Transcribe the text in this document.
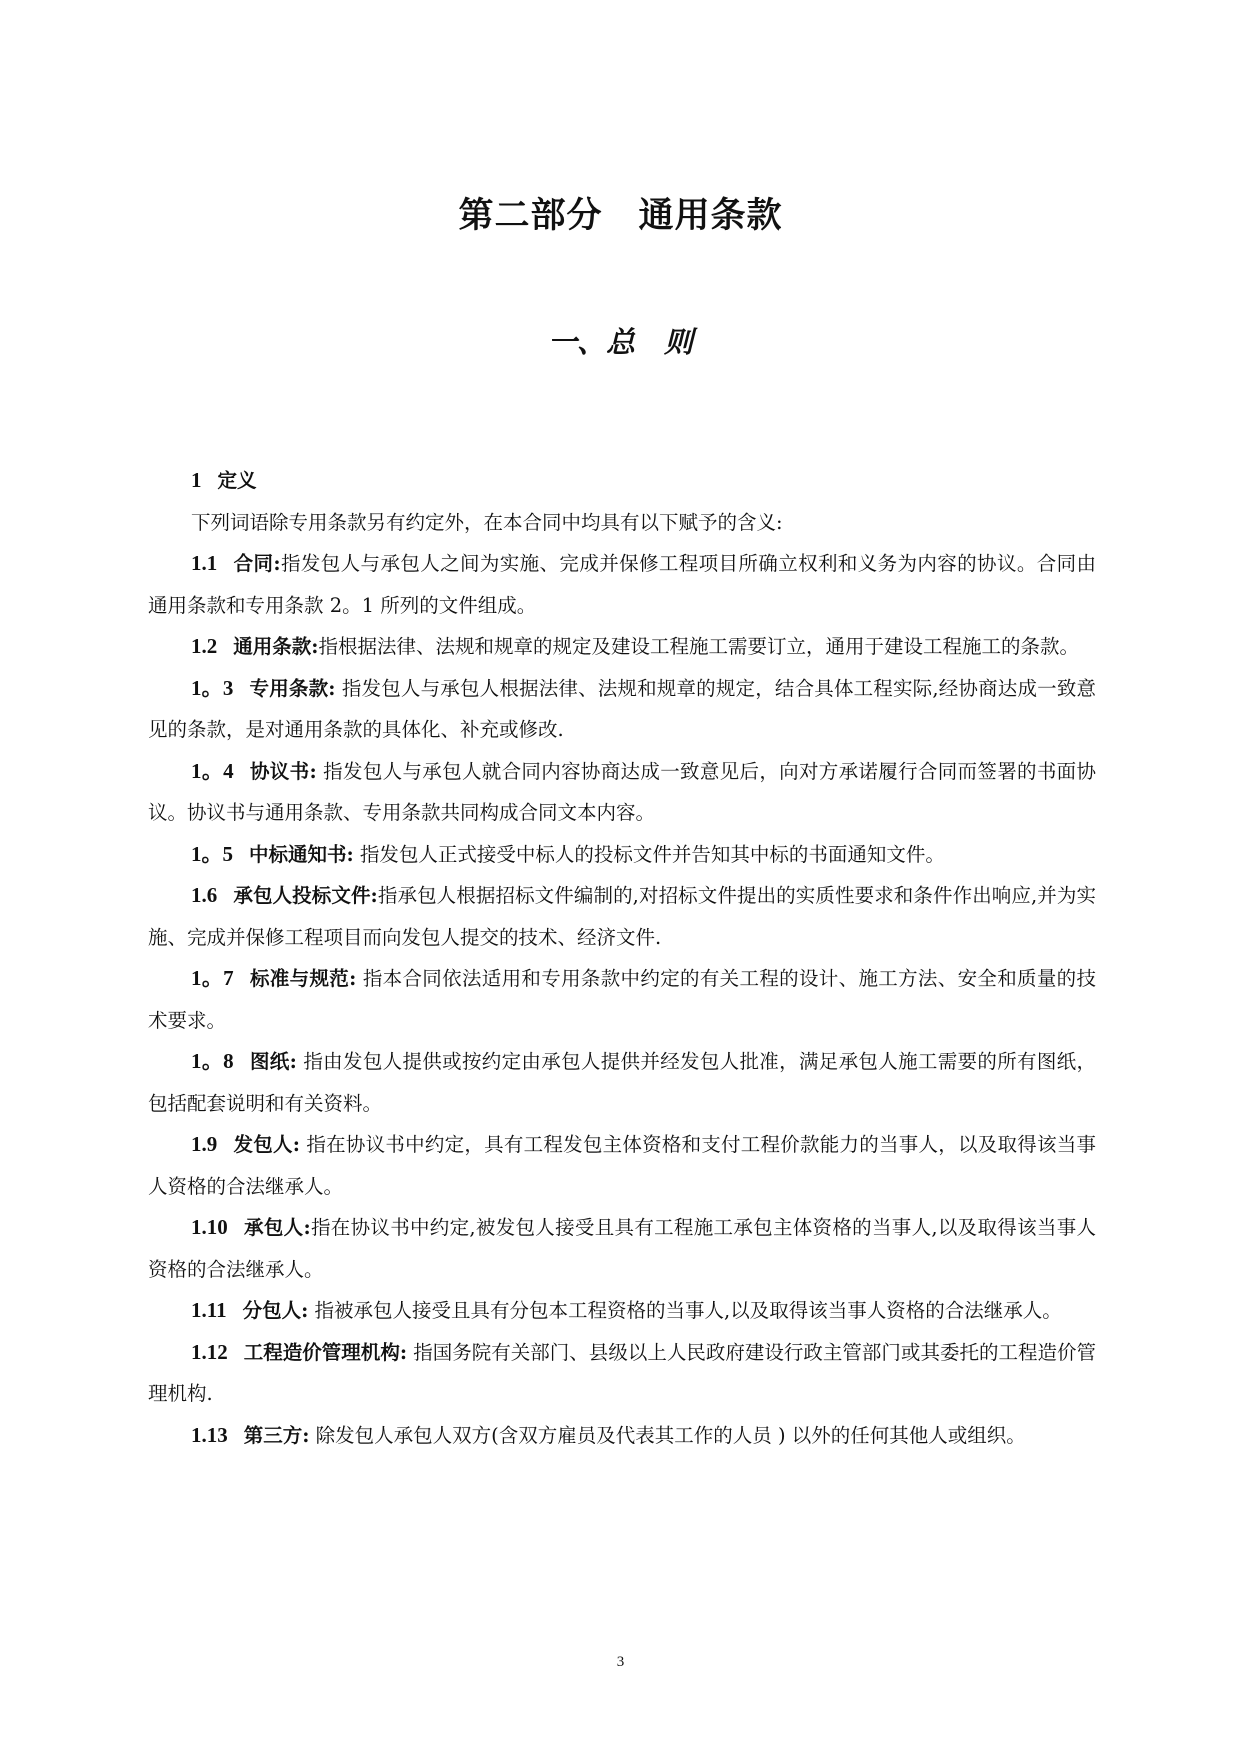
第二部分　通用条款
一、总　则

1 定义

下列词语除专用条款另有约定外，在本合同中均具有以下赋予的含义:

1.1 合同:指发包人与承包人之间为实施、完成并保修工程项目所确立权利和义务为内容的协议。合同由通用条款和专用条款 2。1 所列的文件组成。

1.2 通用条款:指根据法律、法规和规章的规定及建设工程施工需要订立，通用于建设工程施工的条款。

1。3 专用条款: 指发包人与承包人根据法律、法规和规章的规定，结合具体工程实际,经协商达成一致意见的条款，是对通用条款的具体化、补充或修改.

1。4 协议书: 指发包人与承包人就合同内容协商达成一致意见后，向对方承诺履行合同而签署的书面协议。协议书与通用条款、专用条款共同构成合同文本内容。

1。5 中标通知书: 指发包人正式接受中标人的投标文件并告知其中标的书面通知文件。

1.6 承包人投标文件:指承包人根据招标文件编制的,对招标文件提出的实质性要求和条件作出响应,并为实施、完成并保修工程项目而向发包人提交的技术、经济文件.

1。7 标准与规范: 指本合同依法适用和专用条款中约定的有关工程的设计、施工方法、安全和质量的技术要求。

1。8 图纸: 指由发包人提供或按约定由承包人提供并经发包人批准，满足承包人施工需要的所有图纸，包括配套说明和有关资料。

1.9 发包人: 指在协议书中约定，具有工程发包主体资格和支付工程价款能力的当事人，以及取得该当事人资格的合法继承人。

1.10 承包人:指在协议书中约定,被发包人接受且具有工程施工承包主体资格的当事人,以及取得该当事人资格的合法继承人。

1.11 分包人: 指被承包人接受且具有分包本工程资格的当事人,以及取得该当事人资格的合法继承人。

1.12 工程造价管理机构: 指国务院有关部门、县级以上人民政府建设行政主管部门或其委托的工程造价管理机构.

1.13 第三方: 除发包人承包人双方(含双方雇员及代表其工作的人员 ) 以外的任何其他人或组织。

3
